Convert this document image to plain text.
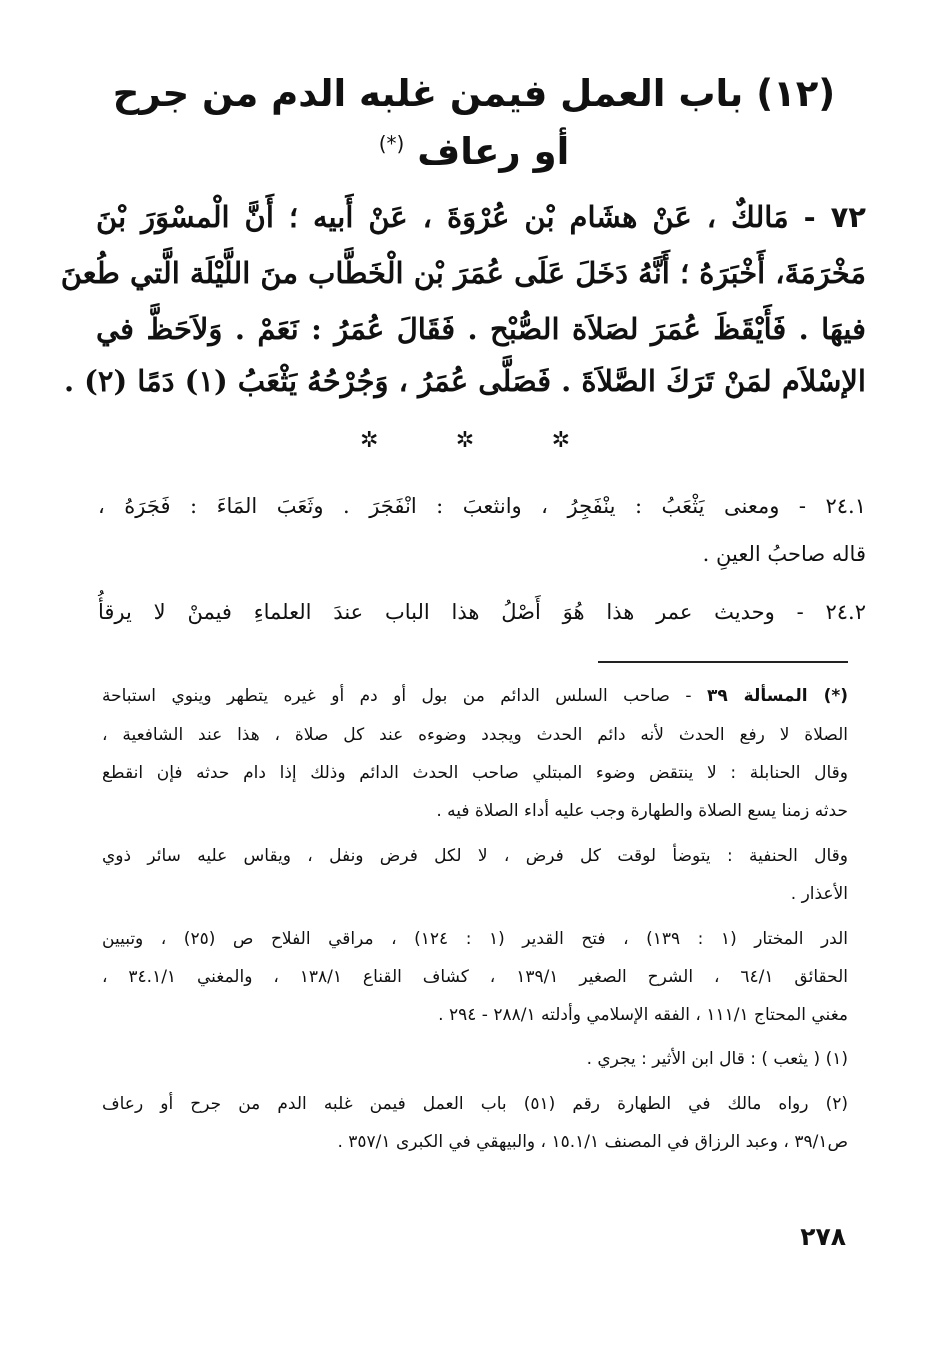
(١٢) باب العمل فيمن غلبه الدم من جرح
أو رعاف (*)
٧٢ - مَالكٌ ، عَنْ هشَام بْن عُرْوَةَ ، عَنْ أَبيه ؛ أَنَّ الْمسْوَرَ بْنَ
مَخْرَمَةَ، أَخْبَرَهُ ؛ أَنَّهُ دَخَلَ عَلَى عُمَرَ بْن الْخَطَّاب منَ اللَّيْلَة الَّتي طُعنَ
فيهَا . فَأَيْقَظَ عُمَرَ لصَلاَة الصُّبْح . فَقَالَ عُمَرُ : نَعَمْ . وَلاَحَظَّ في
الإسْلاَم لمَنْ تَرَكَ الصَّلاَةَ . فَصَلَّى عُمَرُ ، وَجُرْحُهُ يَثْعَبُ (١) دَمًا (٢) .
✲	✲	✲
٢٤.١ - ومعنى يَثْعَبُ : ينْفَجِرُ ، وانثعبَ : انْفَجَرَ . وثَعَبَ المَاءَ : فَجَرَهُ ،
قاله صاحبُ العينِ .
٢٤.٢ - وحديث عمر هذا هُوَ أَصْلُ هذا الباب عندَ العلماءِ فيمنْ لا يرقأُ
(*) المسألة ٣٩ - صاحب السلس الدائم من بول أو دم أو غيره يتطهر وينوي استباحة
الصلاة لا رفع الحدث لأنه دائم الحدث ويجدد وضوءه عند كل صلاة ، هذا عند الشافعية ،
وقال الحنابلة : لا ينتقض وضوء المبتلي صاحب الحدث الدائم وذلك إذا دام حدثه فإن انقطع
حدثه زمنا يسع الصلاة والطهارة وجب عليه أداء الصلاة فيه .
وقال الحنفية : يتوضأ لوقت كل فرض ، لا لكل فرض ونفل ، ويقاس عليه سائر ذوي
الأعذار .
الدر المختار (١ : ١٣٩) ، فتح القدير (١ : ١٢٤) ، مراقي الفلاح ص (٢٥) ، وتبيين
الحقائق ٦٤/١ ، الشرح الصغير ١٣٩/١ ، كشاف القناع ١٣٨/١ ، والمغني ٣٤.١/١ ،
مغني المحتاج ١١١/١ ، الفقه الإسلامي وأدلته ٢٨٨/١ - ٢٩٤ .
(١) ( يثعب ) : قال ابن الأثير : يجري .
(٢) رواه مالك في الطهارة رقم (٥١) باب العمل فيمن غلبه الدم من جرح أو رعاف
ص٣٩/١ ، وعبد الرزاق في المصنف ١٥.١/١ ، والبيهقي في الكبرى ٣٥٧/١ .
٢٧٨
